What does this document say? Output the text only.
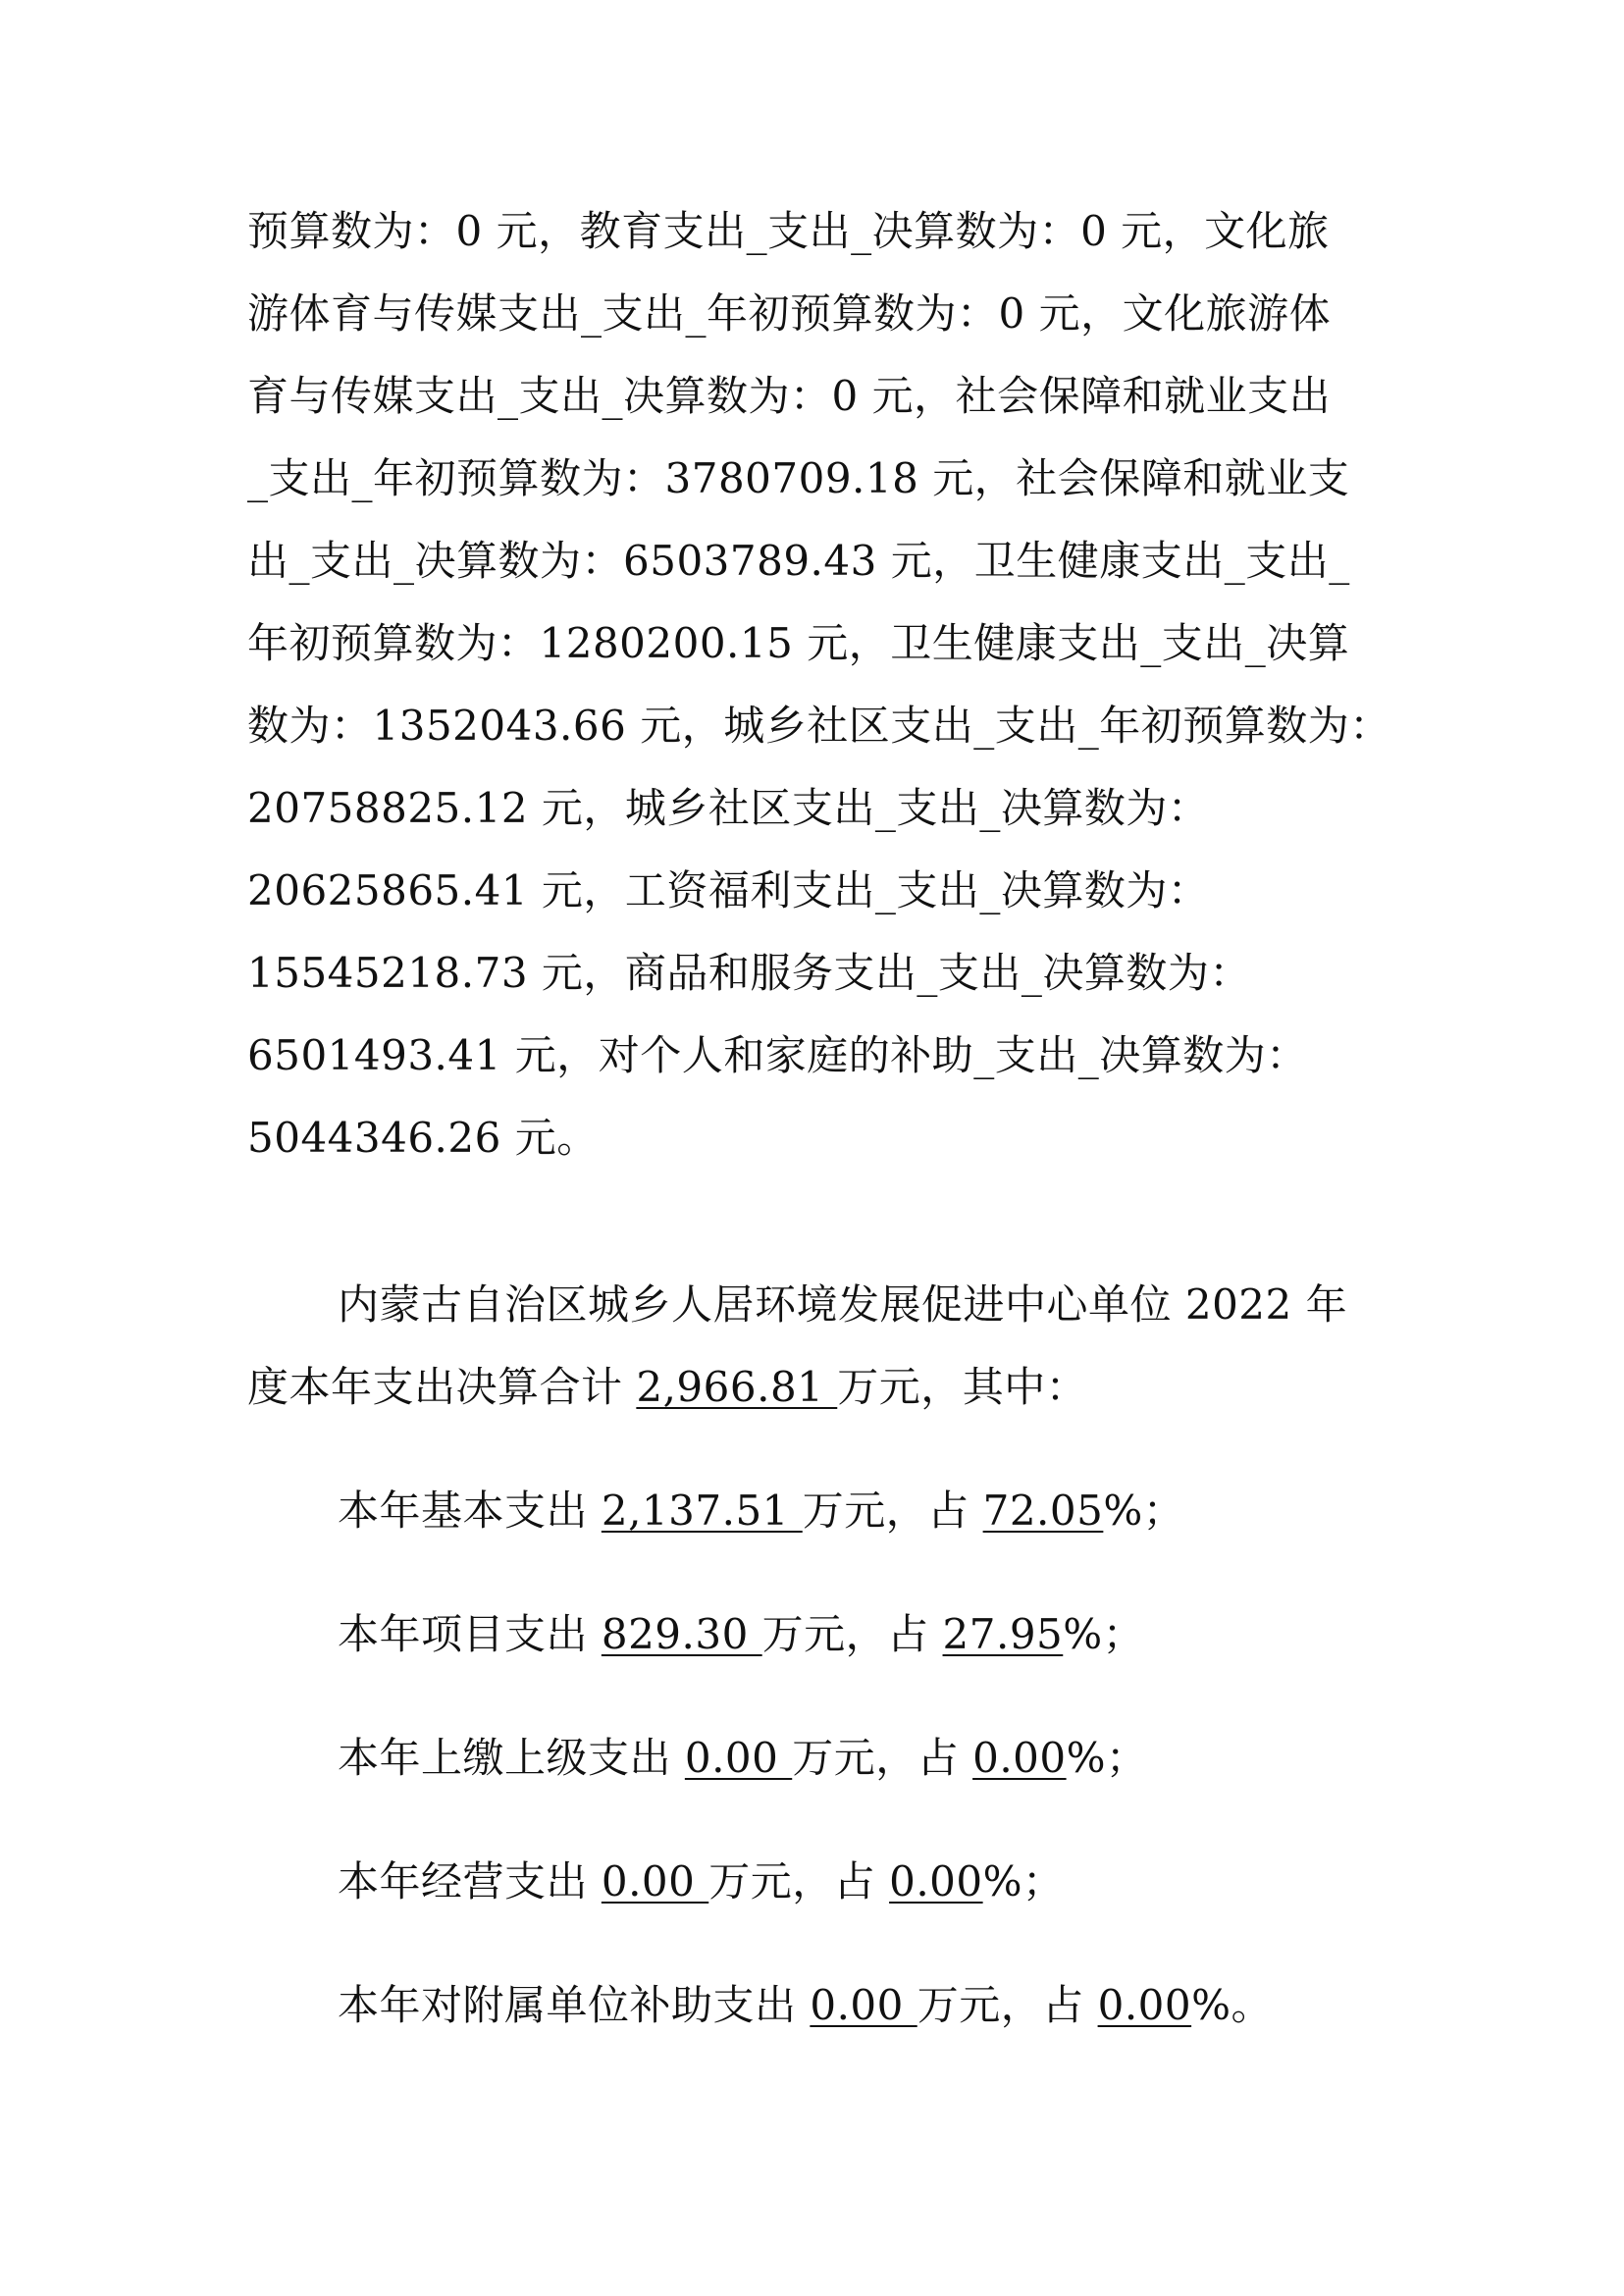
预算数为：0 元，教育支出_支出_决算数为：0 元，文化旅
游体育与传媒支出_支出_年初预算数为：0 元，文化旅游体
育与传媒支出_支出_决算数为：0 元，社会保障和就业支出
_支出_年初预算数为：3780709.18 元，社会保障和就业支
出_支出_决算数为：6503789.43 元，卫生健康支出_支出_
年初预算数为：1280200.15 元，卫生健康支出_支出_决算
数为：1352043.66 元，城乡社区支出_支出_年初预算数为：
20758825.12 元，城乡社区支出_支出_决算数为：
20625865.41 元，工资福利支出_支出_决算数为：
15545218.73 元，商品和服务支出_支出_决算数为：
6501493.41 元，对个人和家庭的补助_支出_决算数为：
5044346.26 元。
内蒙古自治区城乡人居环境发展促进中心单位 2022 年
度本年支出决算合计 2,966.81 万元，其中：
本年基本支出 2,137.51 万元，占 72.05%；
本年项目支出 829.30 万元，占 27.95%；
本年上缴上级支出 0.00 万元，占 0.00%；
本年经营支出 0.00 万元，占 0.00%；
本年对附属单位补助支出 0.00 万元，占 0.00%。
